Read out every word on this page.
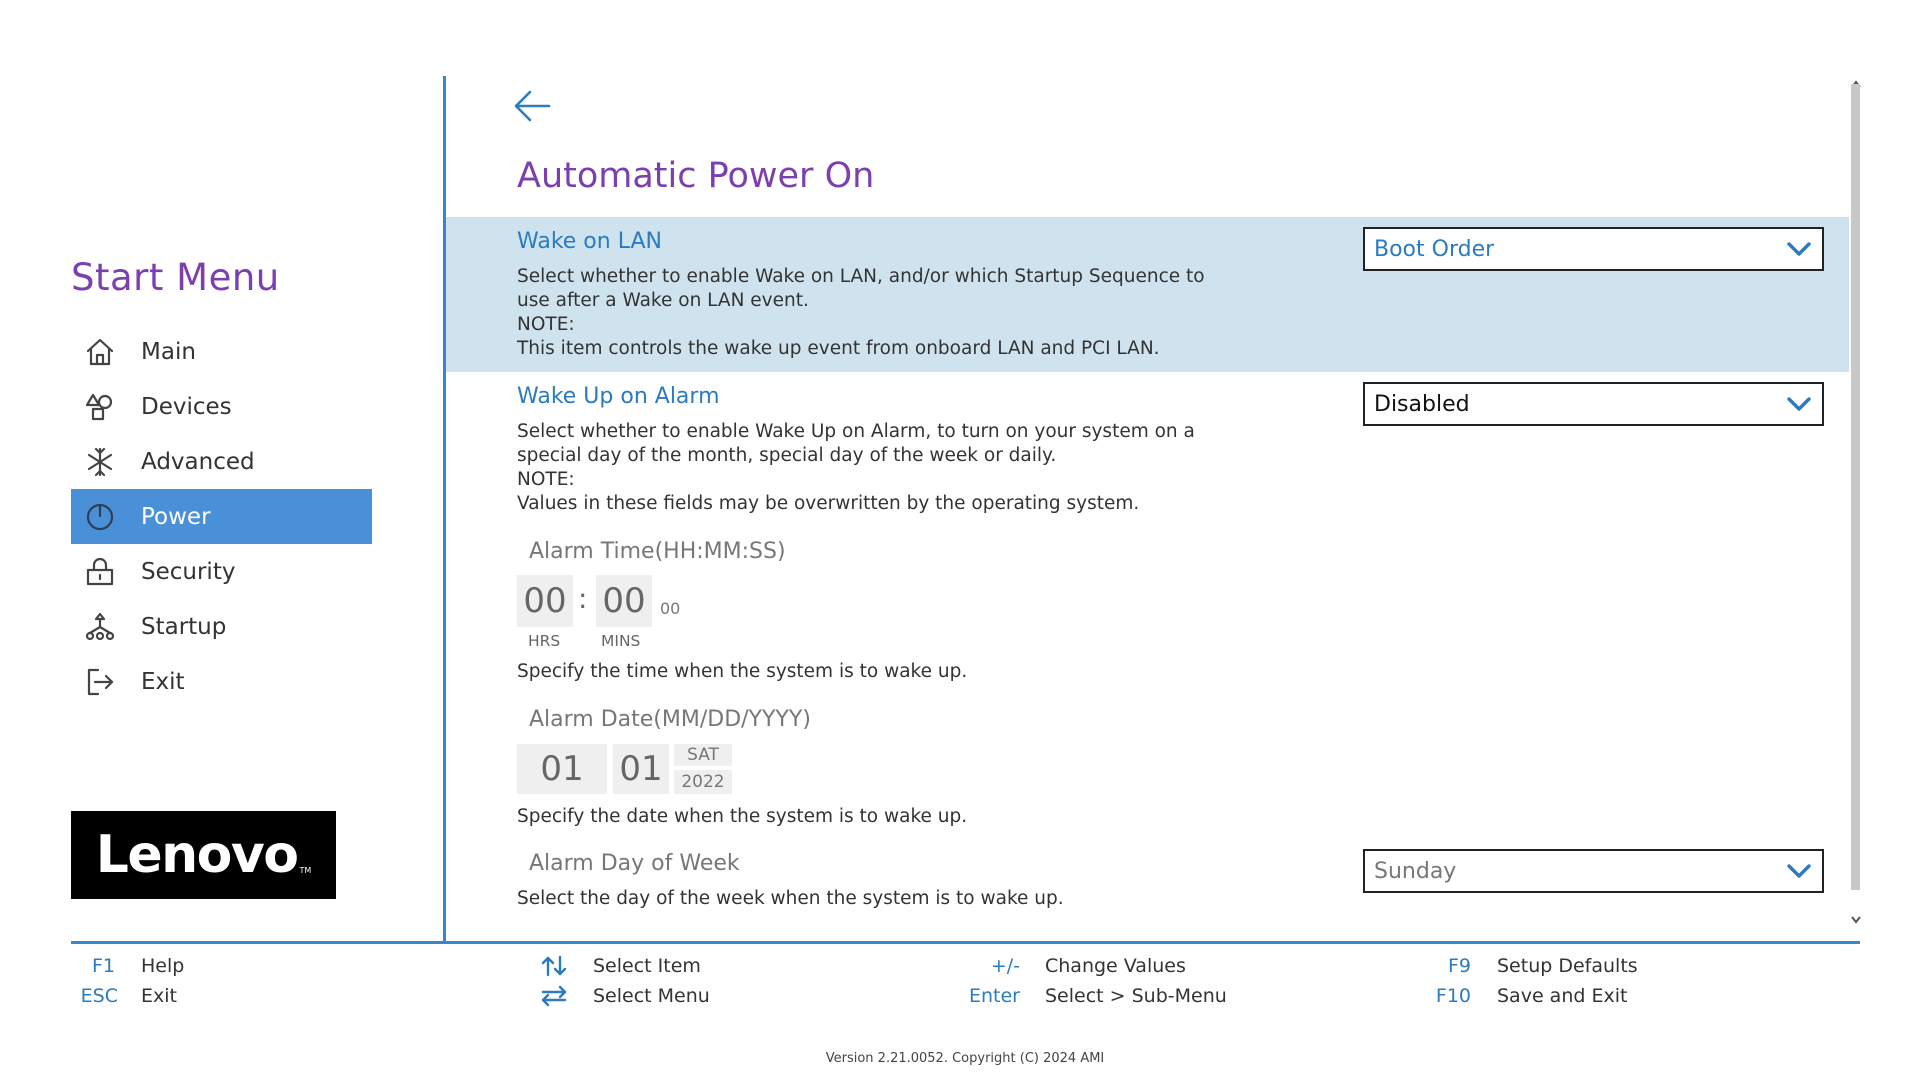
Start Menu
Main
Devices
Advanced
Power
Security
Startup
Exit
Lenovo $_{TM}$
Automatic Power On
Wake on LAN
Select whether to enable Wake on LAN, and/or which Startup Sequence to
use after a Wake on LAN event.
NOTE:
This item controls the wake up event from onboard LAN and PCI LAN.
Boot Order
Wake Up on Alarm
Select whether to enable Wake Up on Alarm, to turn on your system on a
special day of the month, special day of the week or daily.
NOTE:
Values in these fields may be overwritten by the operating system.
Disabled
Alarm Time(HH:MM:SS)
00 : 00 00
HRS	MINS
Specify the time when the system is to wake up.
Alarm Date(MM/DD/YYYY)
01	01	SAT
2022
Specify the date when the system is to wake up.
Alarm Day of Week
Select the day of the week when the system is to wake up.
Sunday
F1 Help
ESC Exit
Select Item
Select Menu
+/- Change Values
Enter Select > Sub-Menu
F9 Setup Defaults
F10 Save and Exit
Version 2.21.0052. Copyright (C) 2024 AMI
